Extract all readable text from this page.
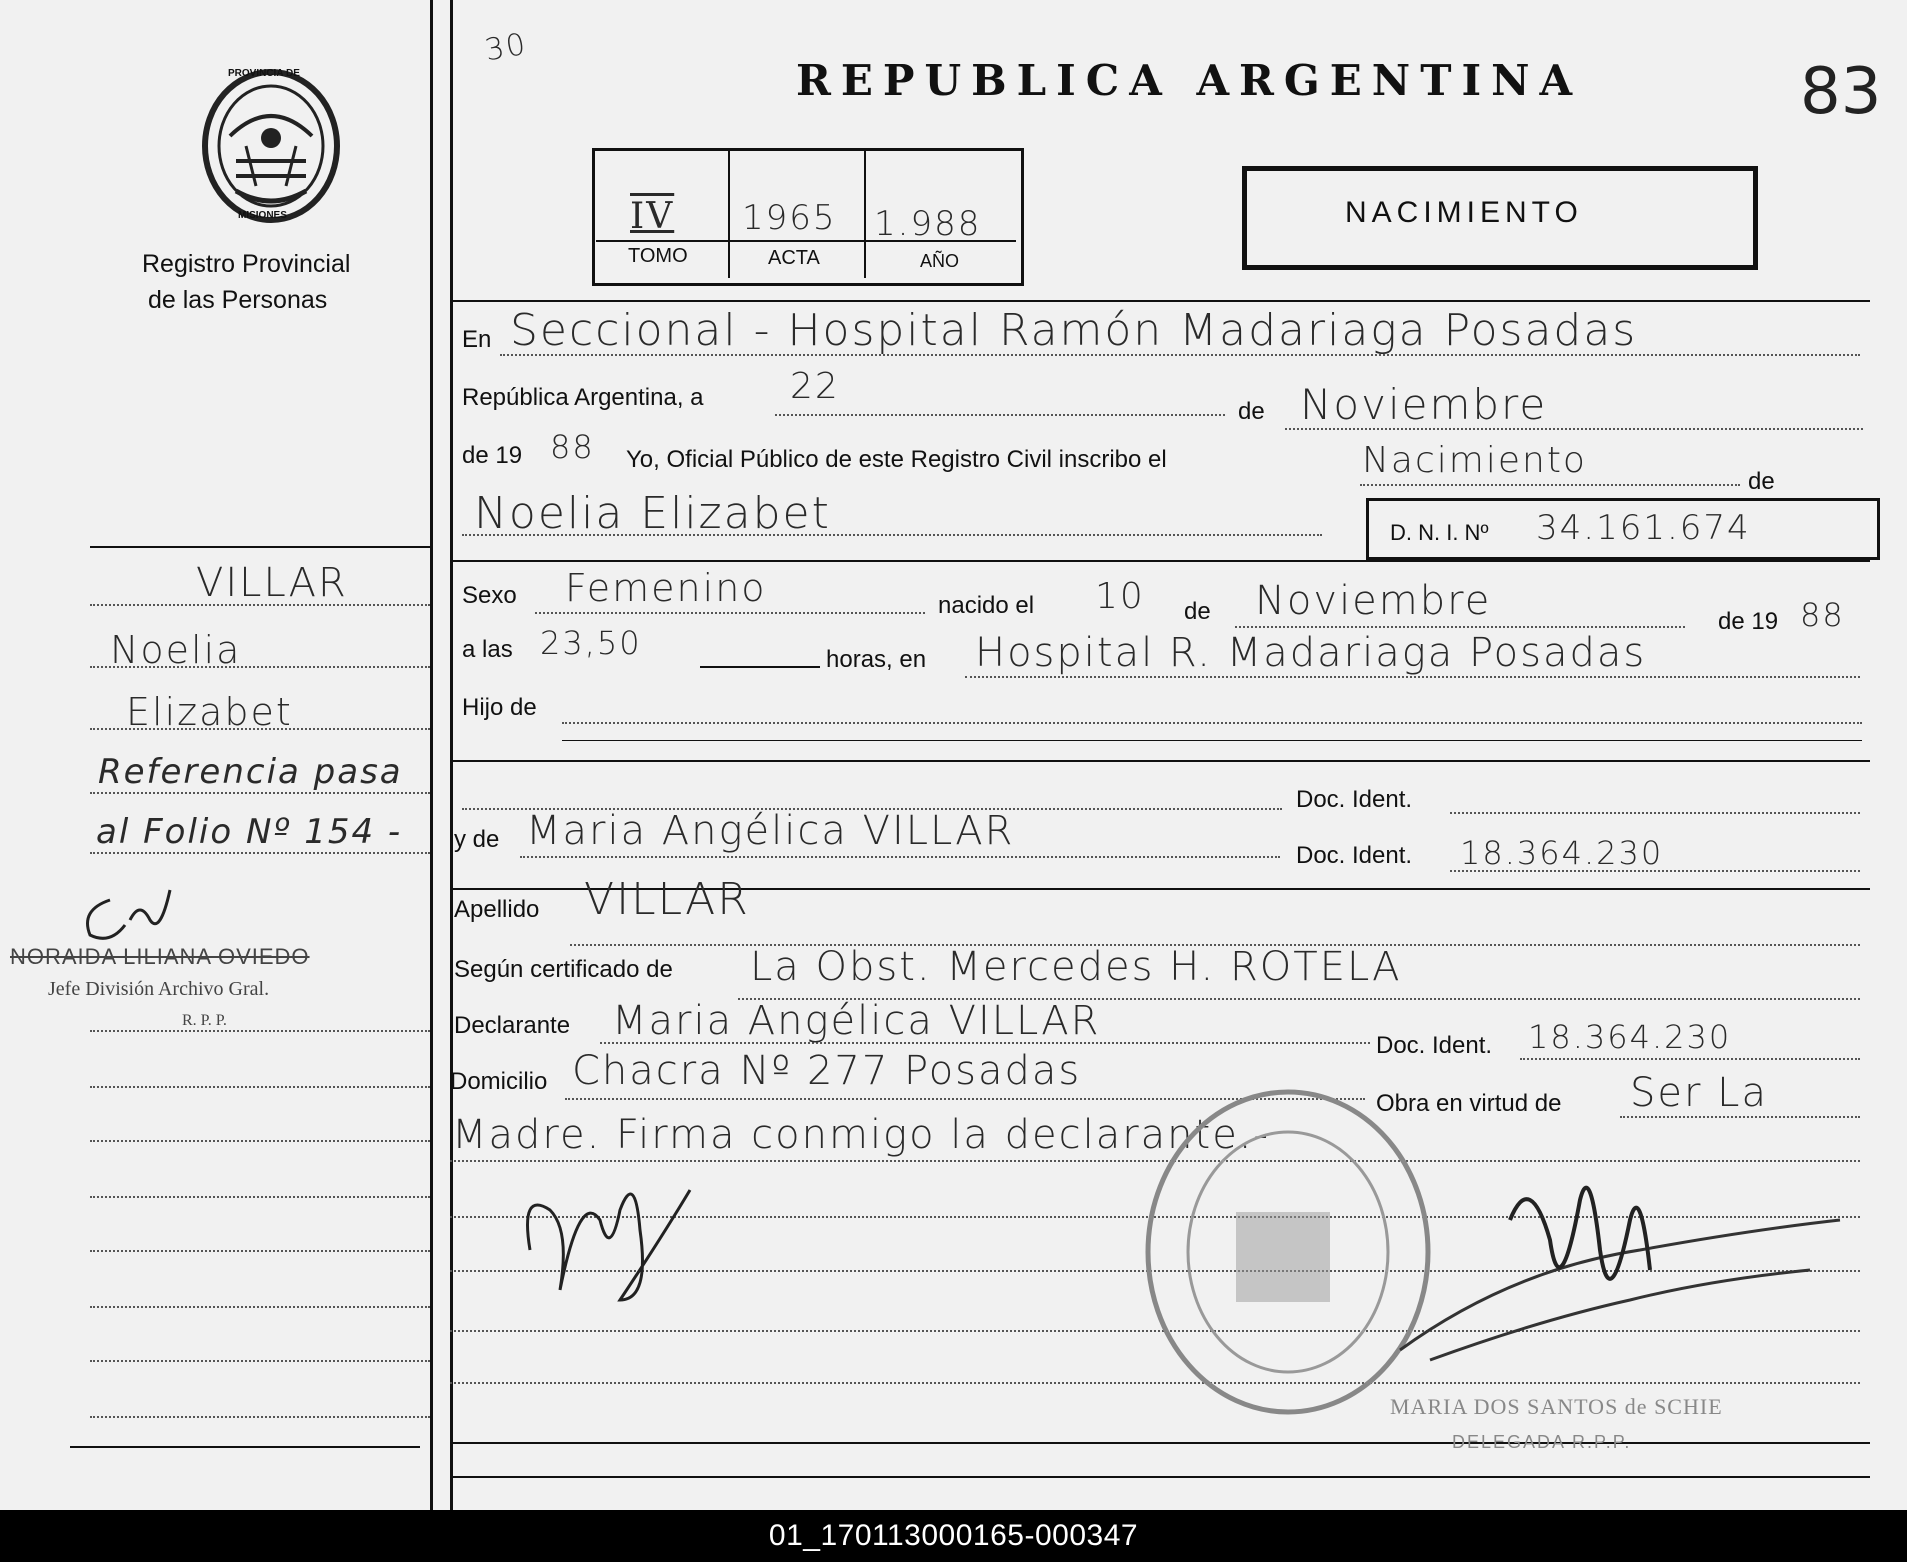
PROVINCIA DE
MISIONES
Registro Provincial
de las Personas
30
REPUBLICA ARGENTINA	83
IV 1965 1.988
TOMO	ACTA	AÑO
NACIMIENTO
En Seccional - Hospital Ramón Madariaga Posadas
República Argentina, a 22
de Noviembre
de 19 88 Yo, Oficial Público de este Registro Civil inscribo el	Nacimiento
de
Noelia Elizabet	D. N. I. Nº 34.161.674
Sexo Femenino	nacido el 10 de Noviembre	de 19 88
a las 23,50	horas, en Hospital R. Madariaga Posadas
Hijo de
Doc. Ident.
y de Maria Angélica VILLAR
Doc. Ident. 18.364.230
Apellido VILLAR
Según certificado de La Obst. Mercedes H. ROTELA
Declarante Maria Angélica VILLAR
Doc. Ident. 18.364.230
Domicilio Chacra Nº 277 Posadas
Obra en virtud de Ser La
Madre. Firma conmigo la declarante.-
MARIA DOS SANTOS de SCHIE
DELEGADA R.P.P.
VILLAR
Noelia
Elizabet
Referencia pasa
al Folio Nº 154 -
NORAIDA LILIANA OVIEDO
Jefe División Archivo Gral.
R. P. P.
01_170113000165-000347
